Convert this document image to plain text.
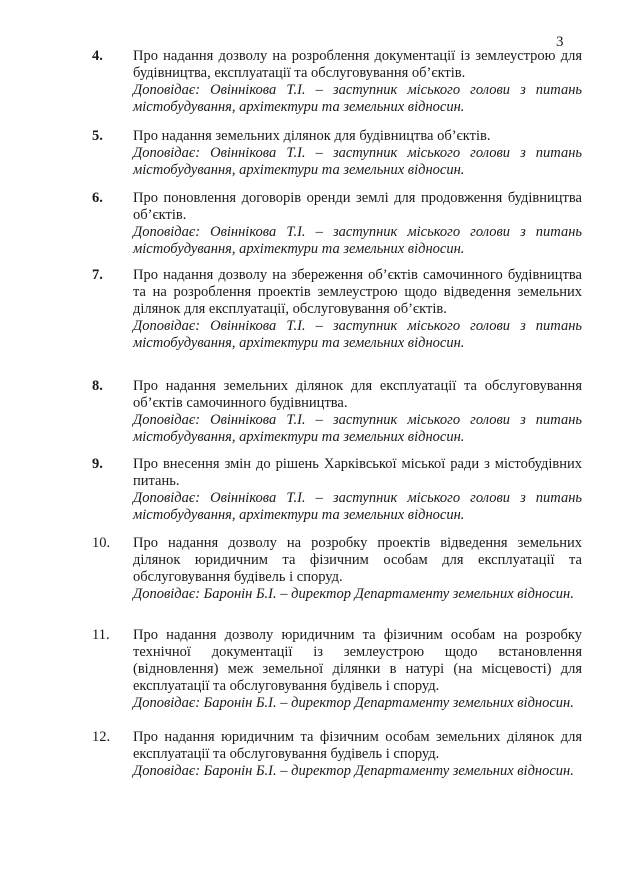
3
4. Про надання дозволу на розроблення документації із землеустрою для будівництва, експлуатації та обслуговування об’єктів.

Доповідає: Овіннікова Т.І. – заступник міського голови з питань містобудування, архітектури та земельних відносин.

5. Про надання земельних ділянок для будівництва об’єктів.

Доповідає: Овіннікова Т.І. – заступник міського голови з питань містобудування, архітектури та земельних відносин.

6. Про поновлення договорів оренди землі для продовження будівництва об’єктів.

Доповідає: Овіннікова Т.І. – заступник міського голови з питань містобудування, архітектури та земельних відносин.

7. Про надання дозволу на збереження об’єктів самочинного будівництва та на розроблення проектів землеустрою щодо відведення земельних ділянок для експлуатації, обслуговування об’єктів.

Доповідає: Овіннікова Т.І. – заступник міського голови з питань містобудування, архітектури та земельних відносин.

8. Про надання земельних ділянок для експлуатації та обслуговування об’єктів самочинного будівництва.

Доповідає: Овіннікова Т.І. – заступник міського голови з питань містобудування, архітектури та земельних відносин.

9. Про внесення змін до рішень Харківської міської ради з містобудівних питань.

Доповідає: Овіннікова Т.І. – заступник міського голови з питань містобудування, архітектури та земельних відносин.

10. Про надання дозволу на розробку проектів відведення земельних ділянок юридичним та фізичним особам для експлуатації та обслуговування будівель і споруд.

Доповідає: Баронін Б.І. – директор Департаменту земельних відносин.

11. Про надання дозволу юридичним та фізичним особам на розробку технічної документації із землеустрою щодо встановлення (відновлення) меж земельної ділянки в натурі (на місцевості) для експлуатації та обслуговування будівель і споруд.

Доповідає: Баронін Б.І. – директор Департаменту земельних відносин.

12. Про надання юридичним та фізичним особам земельних ділянок для експлуатації та обслуговування будівель і споруд.

Доповідає: Баронін Б.І. – директор Департаменту земельних відносин.
